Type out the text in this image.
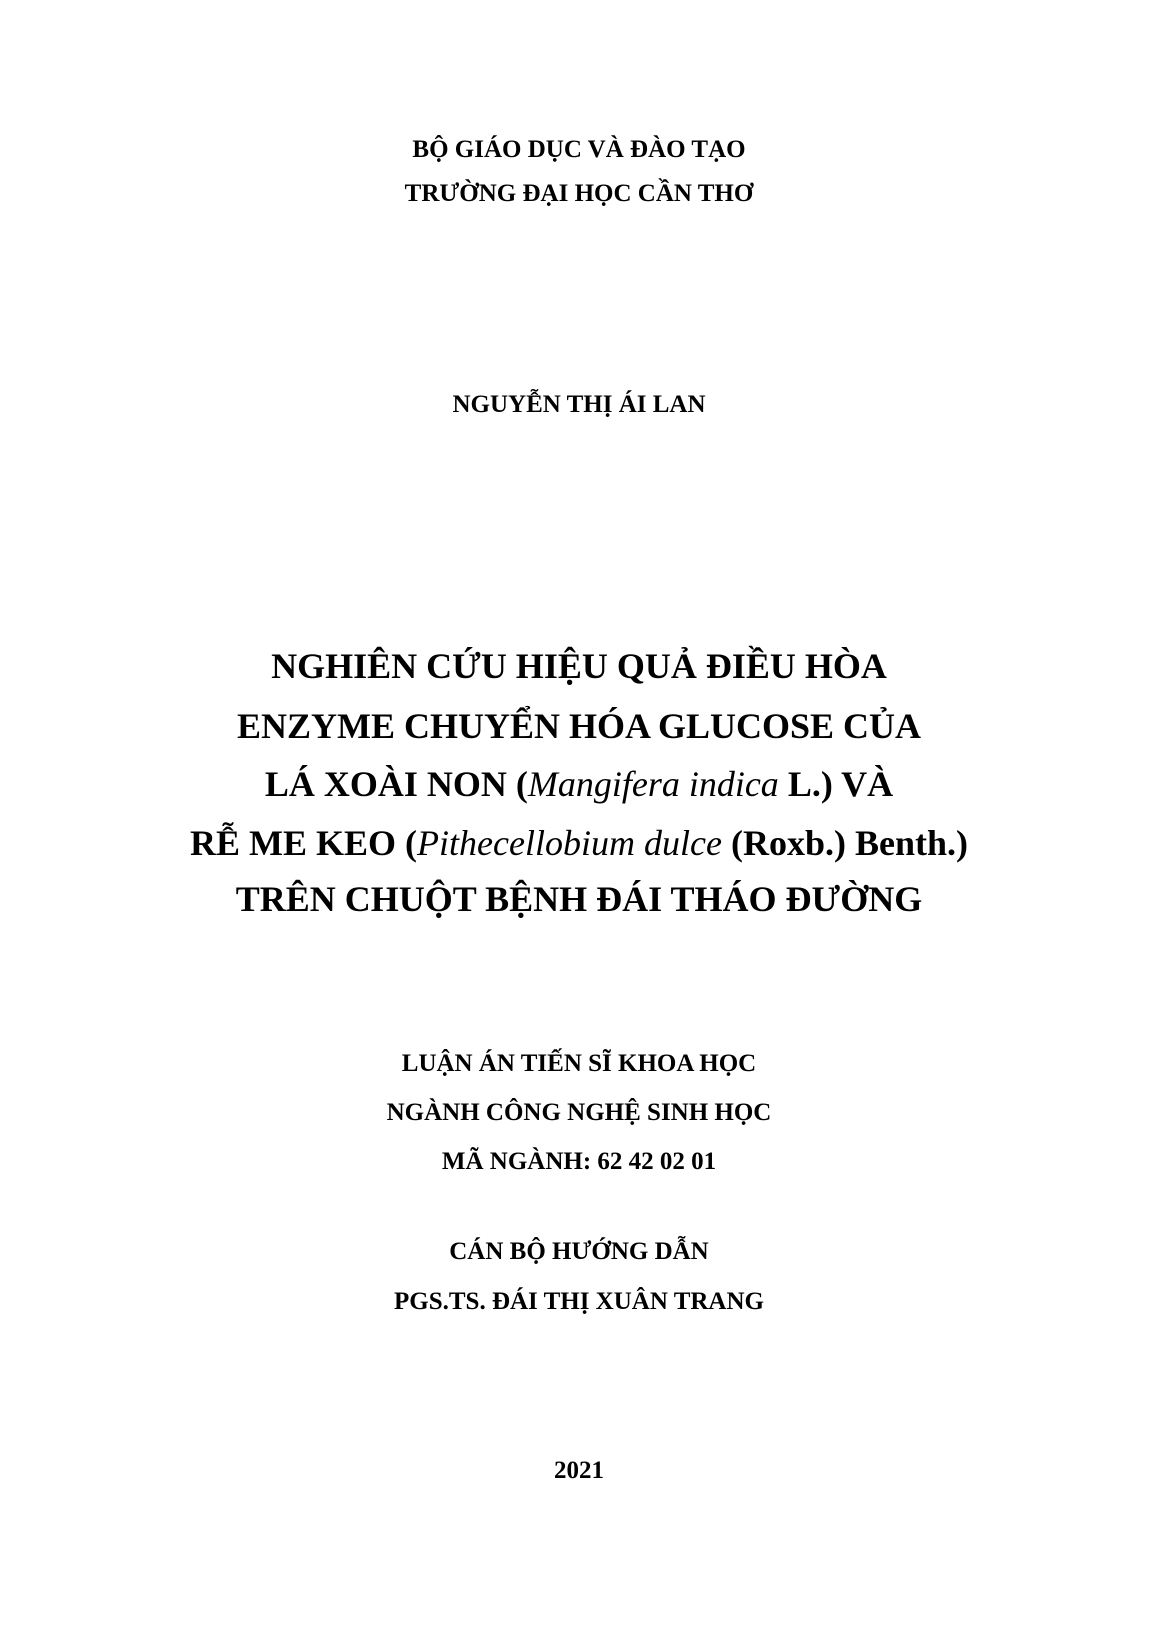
BỘ GIÁO DỤC VÀ ĐÀO TẠO
TRƯỜNG ĐẠI HỌC CẦN THƠ
NGUYỄN THỊ ÁI LAN
NGHIÊN CỨU HIỆU QUẢ ĐIỀU HÒA
ENZYME CHUYỂN HÓA GLUCOSE CỦA
LÁ XOÀI NON (Mangifera indica L.) VÀ
RỄ ME KEO (Pithecellobium dulce (Roxb.) Benth.)
TRÊN CHUỘT BỆNH ĐÁI THÁO ĐƯỜNG
LUẬN ÁN TIẾN SĨ KHOA HỌC
NGÀNH CÔNG NGHỆ SINH HỌC
MÃ NGÀNH: 62 42 02 01
CÁN BỘ HƯỚNG DẪN
PGS.TS. ĐÁI THỊ XUÂN TRANG
2021
